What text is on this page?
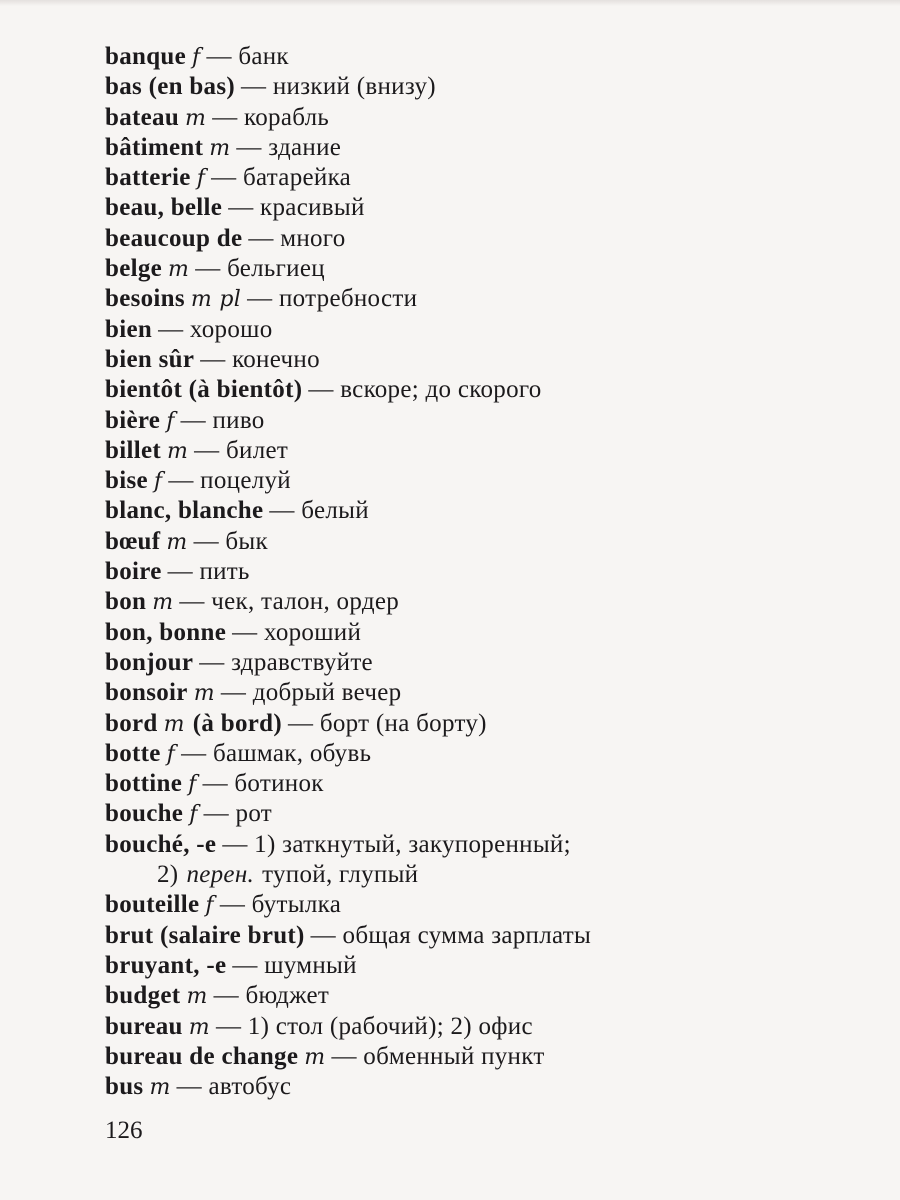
banque f — банк
bas (en bas) — низкий (внизу)
bateau m — корабль
bâtiment m — здание
batterie f — батарейка
beau, belle — красивый
beaucoup de — много
belge m — бельгиец
besoins m pl — потребности
bien — хорошо
bien sûr — конечно
bientôt (à bientôt) — вскоре; до скорого
bière f — пиво
billet m — билет
bise f — поцелуй
blanc, blanche — белый
bœuf m — бык
boire — пить
bon m — чек, талон, ордер
bon, bonne — хороший
bonjour — здравствуйте
bonsoir m — добрый вечер
bord m (à bord) — борт (на борту)
botte f — башмак, обувь
bottine f — ботинок
bouche f — рот
bouché, -e — 1) заткнутый, закупоренный;
2) перен. тупой, глупый
bouteille f — бутылка
brut (salaire brut) — общая сумма зарплаты
bruyant, -e — шумный
budget m — бюджет
bureau m — 1) стол (рабочий); 2) офис
bureau de change m — обменный пункт
bus m — автобус
126
